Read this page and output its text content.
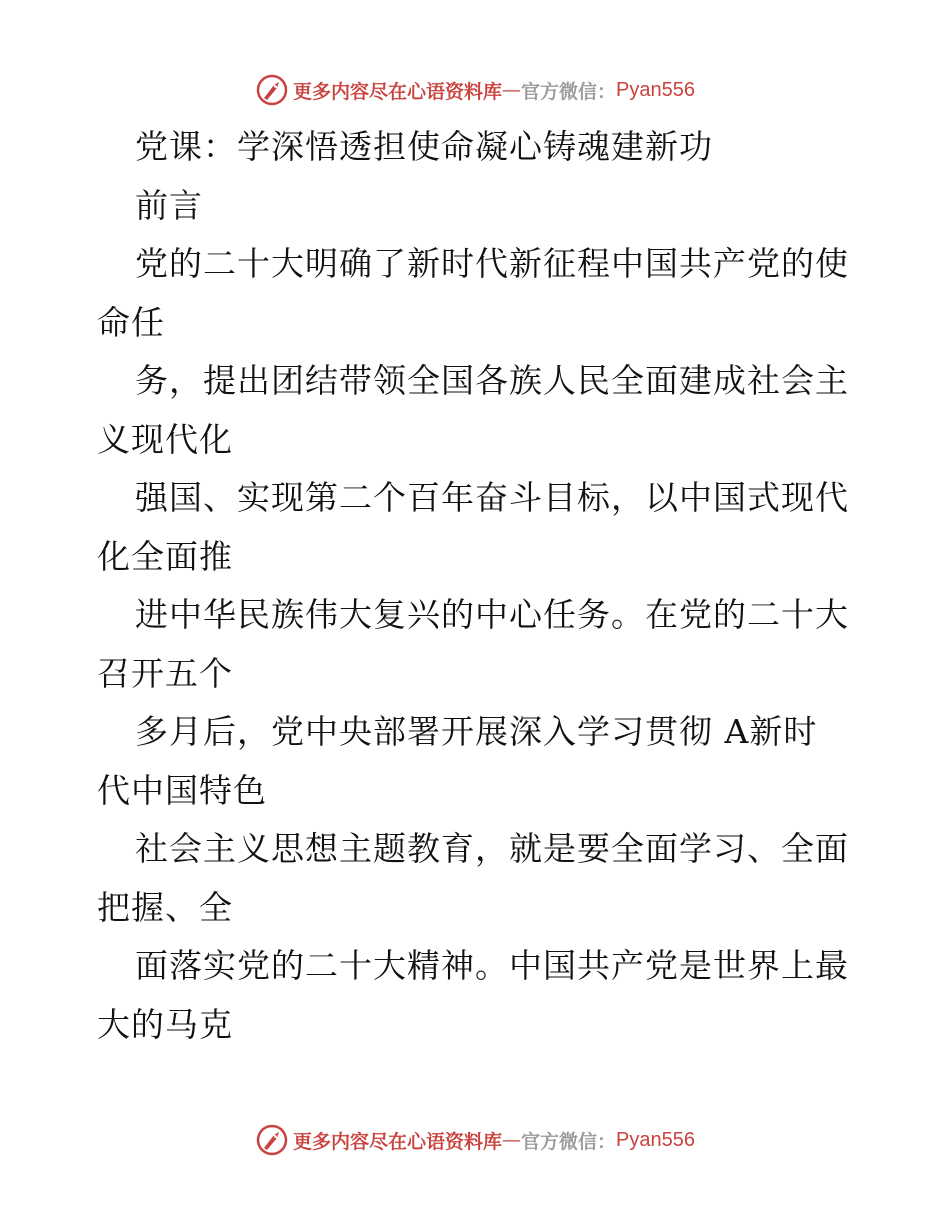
更多内容尽在心语资料库 — 官方微信： Pyan556
党课：学深悟透担使命凝心铸魂建新功
前言
党的二十大明确了新时代新征程中国共产党的使
命任
务，提出团结带领全国各族人民全面建成社会主
义现代化
强国、实现第二个百年奋斗目标，以中国式现代
化全面推
进中华民族伟大复兴的中心任务。在党的二十大
召开五个
多月后，党中央部署开展深入学习贯彻 A新时
代中国特色
社会主义思想主题教育，就是要全面学习、全面
把握、全
面落实党的二十大精神。中国共产党是世界上最
大的马克
更多内容尽在心语资料库 — 官方微信： Pyan556
